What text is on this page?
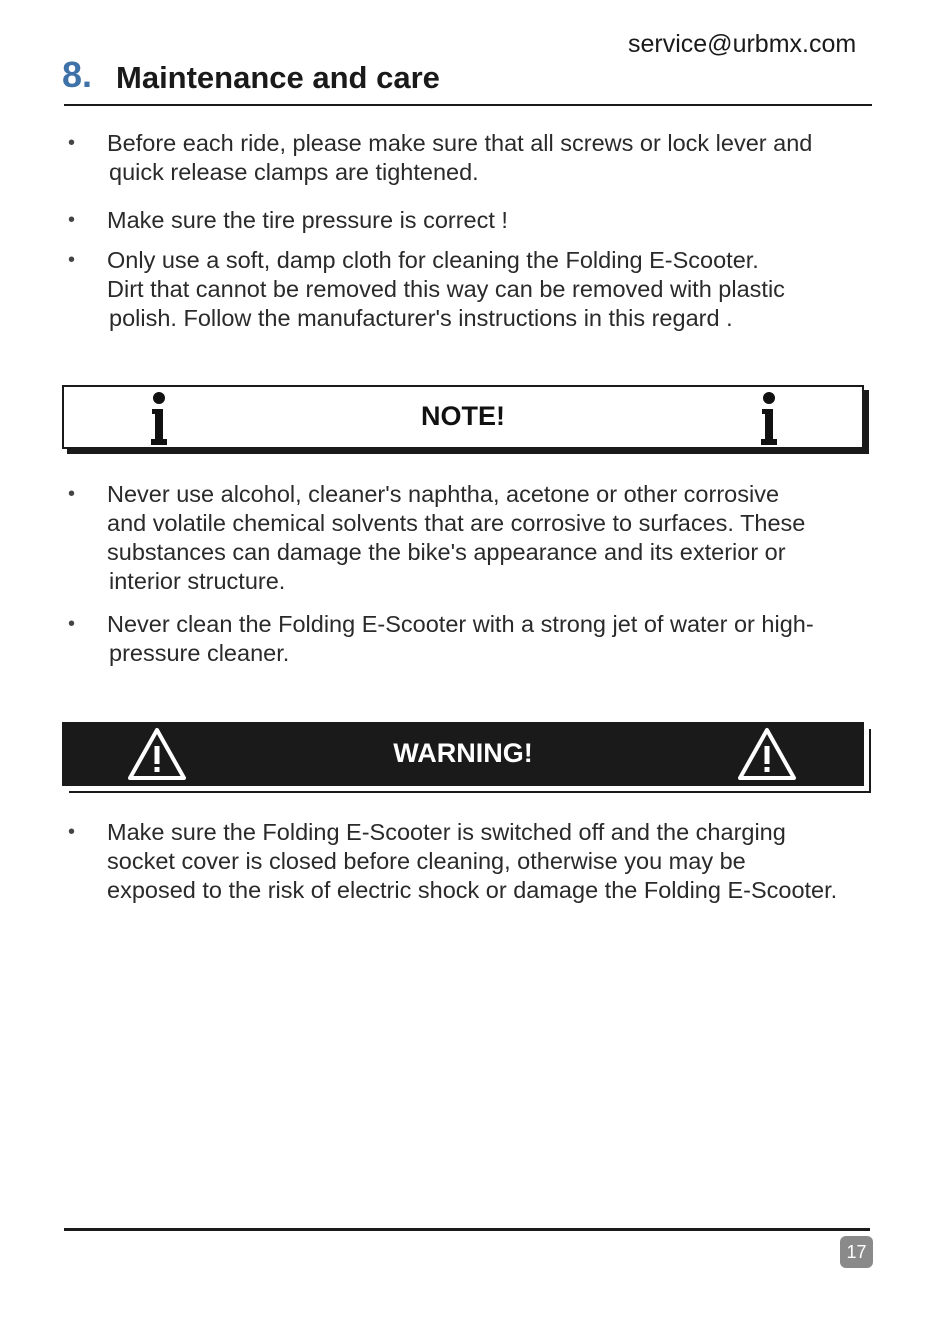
service@urbmx.com
8. Maintenance and care
• Before each ride, please make sure that all screws or lock lever and
quick release clamps are tightened.
• Make sure the tire pressure is correct !
• Only use a soft, damp cloth for cleaning the Folding E-Scooter.
Dirt that cannot be removed this way can be removed with plastic
polish. Follow the manufacturer's instructions in this regard .
NOTE!
• Never use alcohol, cleaner's naphtha, acetone or other corrosive
and volatile chemical solvents that are corrosive to surfaces. These
substances can damage the bike's appearance and its exterior or
interior structure.
• Never clean the Folding E-Scooter with a strong jet of water or high-
pressure cleaner.
WARNING!
• Make sure the Folding E-Scooter is switched off and the charging
socket cover is closed before cleaning, otherwise you may be
exposed to the risk of electric shock or damage the Folding E-Scooter.
17
